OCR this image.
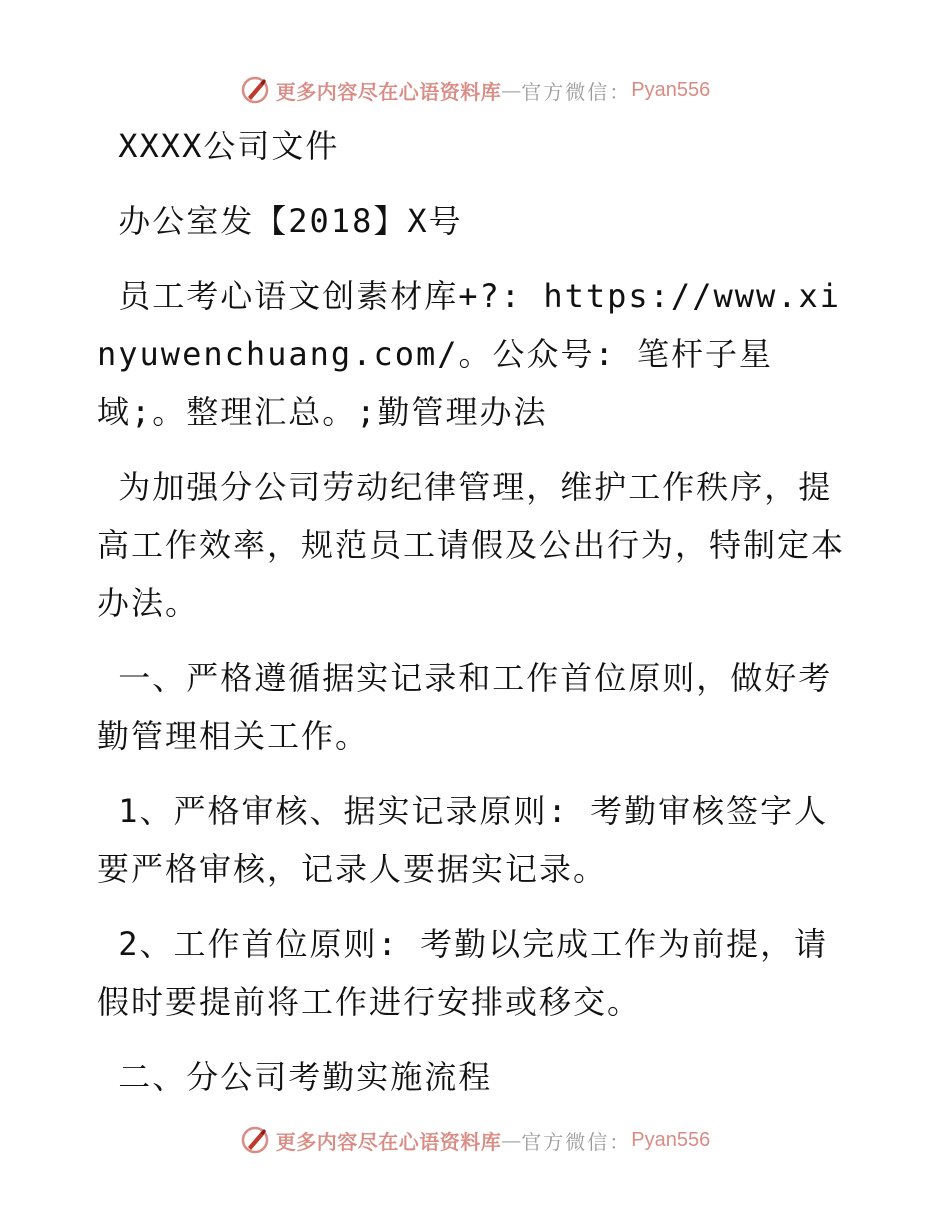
更多内容尽在心语资料库 — 官方微信： Pyan556

XXXX公司文件

办公室发【2018】X号

员工考心语文创素材库+?: https://www.xinyuwenchuang.com/。公众号: 笔杆子星域;。整理汇总。;勤管理办法

为加强分公司劳动纪律管理，维护工作秩序，提高工作效率，规范员工请假及公出行为，特制定本办法。

一、严格遵循据实记录和工作首位原则，做好考勤管理相关工作。

1、严格审核、据实记录原则: 考勤审核签字人要严格审核，记录人要据实记录。

2、工作首位原则: 考勤以完成工作为前提，请假时要提前将工作进行安排或移交。

二、分公司考勤实施流程

更多内容尽在心语资料库 — 官方微信： Pyan556
